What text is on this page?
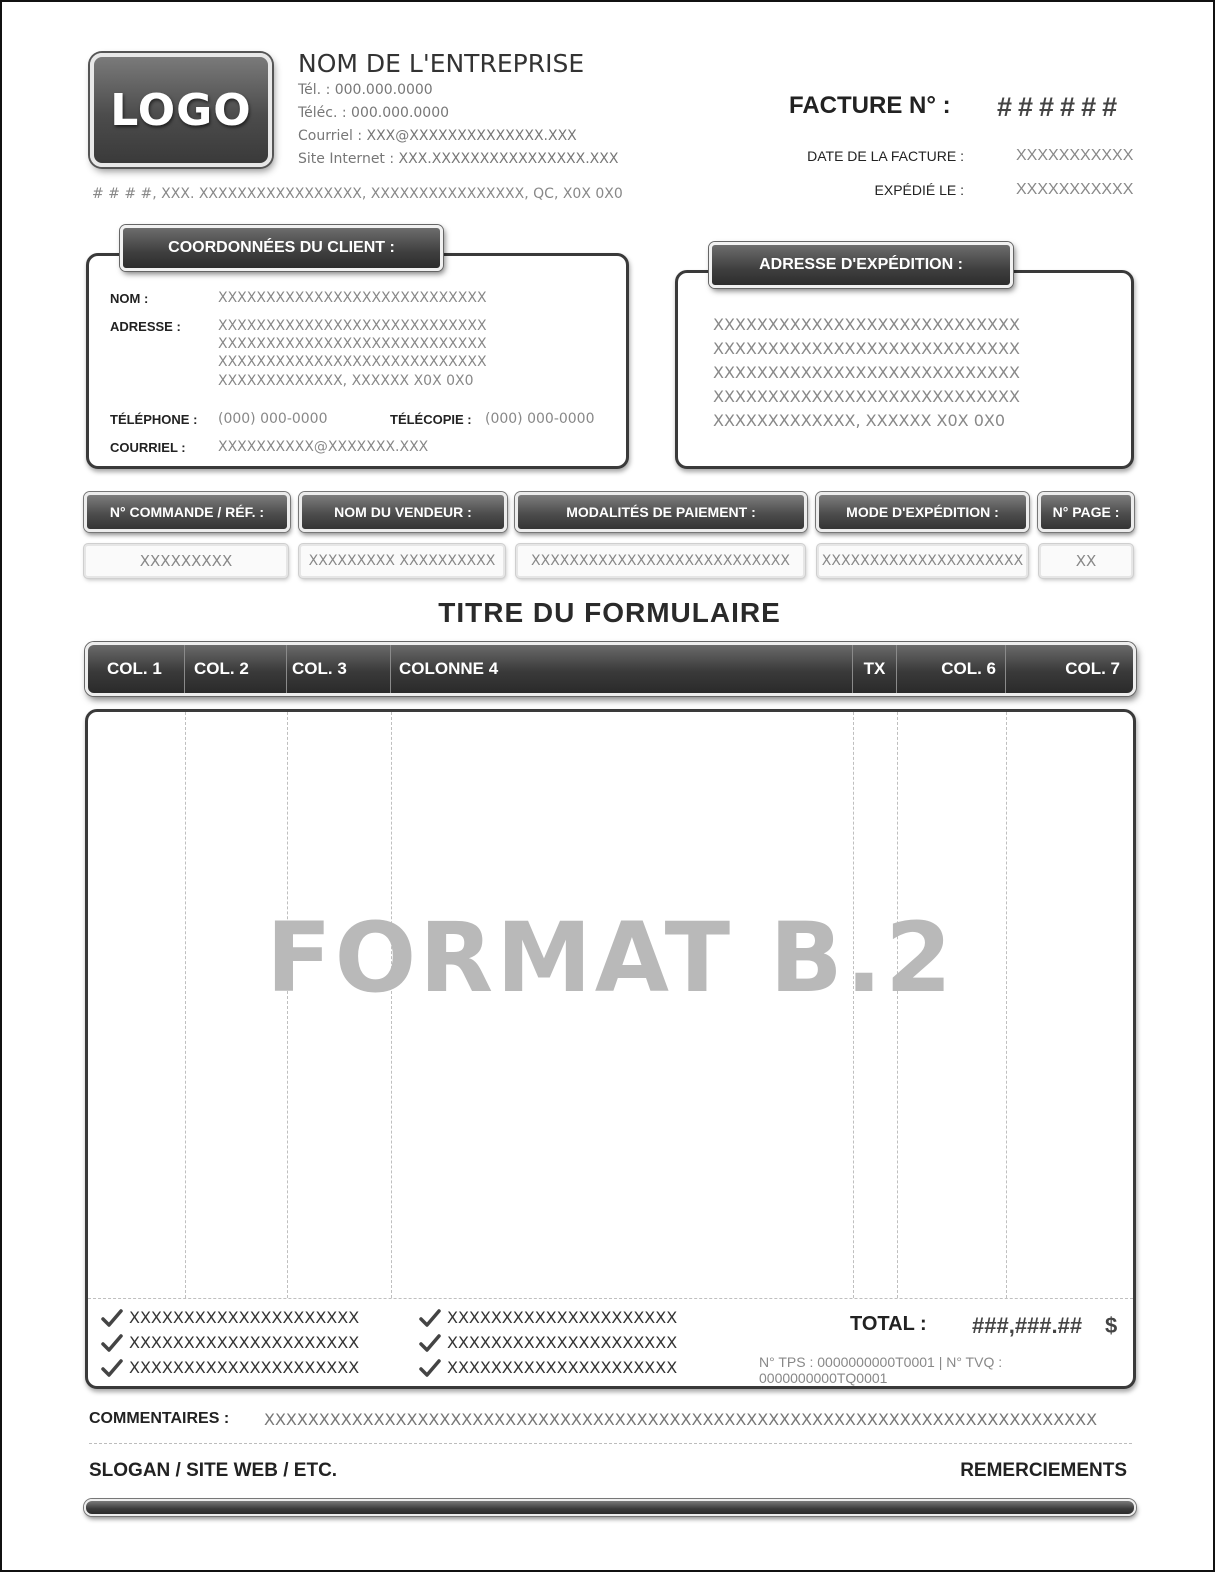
LOGO
NOM DE L'ENTREPRISE
Tél. : 000.000.0000
Téléc. : 000.000.0000
Courriel : XXX@XXXXXXXXXXXXXX.XXX
Site Internet : XXX.XXXXXXXXXXXXXXXX.XXX
# # # #, XXX. XXXXXXXXXXXXXXXXX, XXXXXXXXXXXXXXXX, QC, X0X 0X0
FACTURE N° : ######
DATE DE LA FACTURE :	XXXXXXXXXXX
EXPÉDIÉ LE :	XXXXXXXXXXX
COORDONNÉES DU CLIENT :
NOM :	XXXXXXXXXXXXXXXXXXXXXXXXXXXX
ADRESSE :	XXXXXXXXXXXXXXXXXXXXXXXXXXXX
XXXXXXXXXXXXXXXXXXXXXXXXXXXX
XXXXXXXXXXXXXXXXXXXXXXXXXXXX
XXXXXXXXXXXXX, XXXXXX X0X 0X0
TÉLÉPHONE : (000) 000-0000	TÉLÉCOPIE : (000) 000-0000
COURRIEL : XXXXXXXXXX@XXXXXXX.XXX
ADRESSE D'EXPÉDITION :
XXXXXXXXXXXXXXXXXXXXXXXXXXXX
XXXXXXXXXXXXXXXXXXXXXXXXXXXX
XXXXXXXXXXXXXXXXXXXXXXXXXXXX
XXXXXXXXXXXXXXXXXXXXXXXXXXXX
XXXXXXXXXXXXX, XXXXXX X0X 0X0
N° COMMANDE / RÉF. :	NOM DU VENDEUR :	MODALITÉS DE PAIEMENT :	MODE D'EXPÉDITION :	N° PAGE :
XXXXXXXXX	XXXXXXXXX XXXXXXXXXX	XXXXXXXXXXXXXXXXXXXXXXXXXXX	XXXXXXXXXXXXXXXXXXXXX	XX
TITRE DU FORMULAIRE
COL. 1	COL. 2	COL. 3	COLONNE 4	TX	COL. 6	COL. 7
FORMAT B.2
XXXXXXXXXXXXXXXXXXXXX
XXXXXXXXXXXXXXXXXXXXX
XXXXXXXXXXXXXXXXXXXXX
XXXXXXXXXXXXXXXXXXXXX
XXXXXXXXXXXXXXXXXXXXX
XXXXXXXXXXXXXXXXXXXXX
TOTAL : ###,###.## $
N° TPS : 0000000000T0001 | N° TVQ : 0000000000TQ0001
COMMENTAIRES : XXXXXXXXXXXXXXXXXXXXXXXXXXXXXXXXXXXXXXXXXXXXXXXXXXXXXXXXXXXXXXXXXXXXXXXXXXXX
SLOGAN / SITE WEB / ETC.	REMERCIEMENTS
